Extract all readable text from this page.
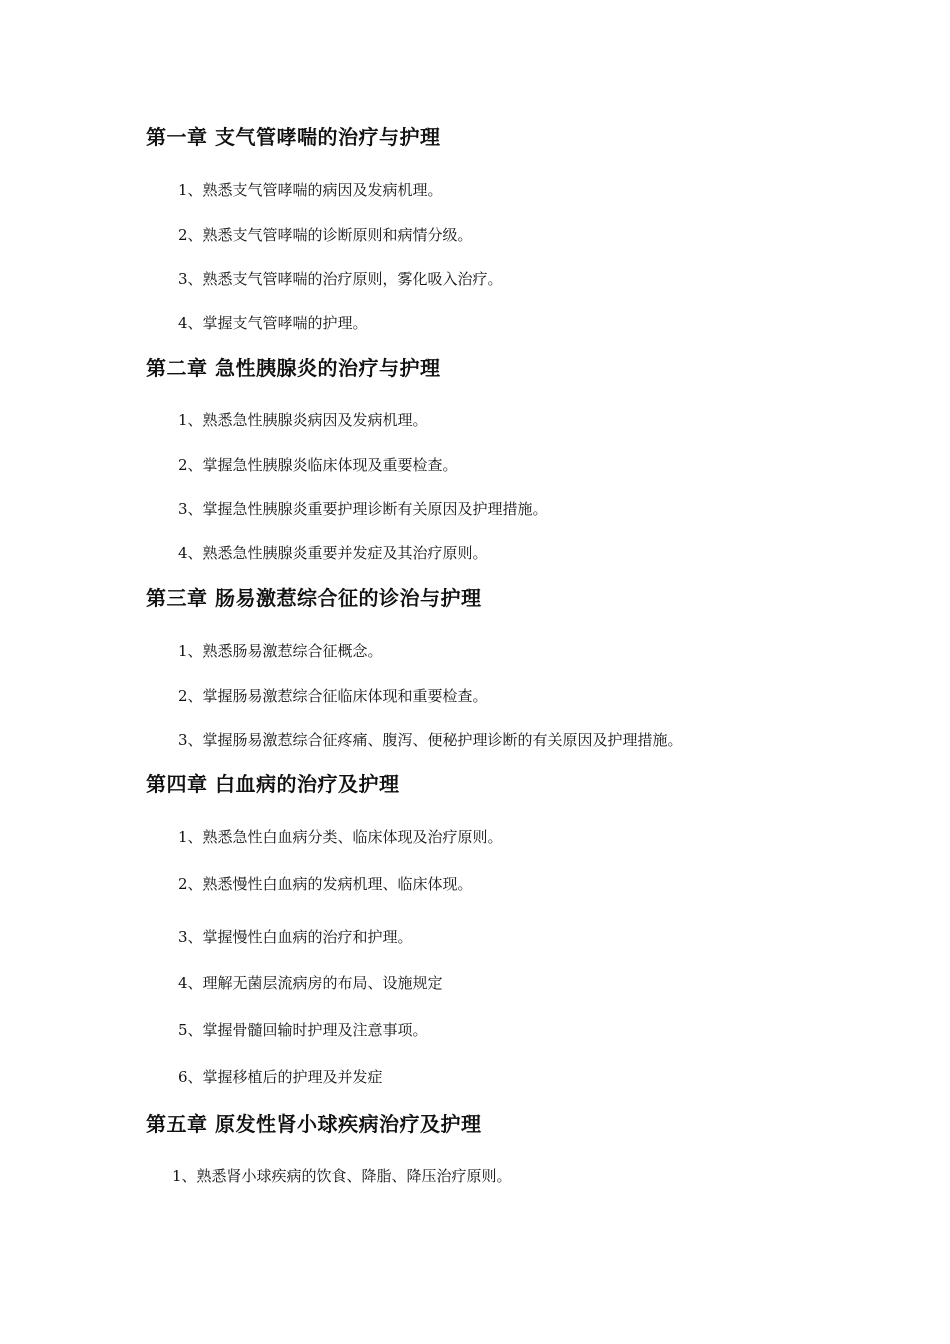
第一章 支气管哮喘的治疗与护理

1、熟悉支气管哮喘的病因及发病机理。

2、熟悉支气管哮喘的诊断原则和病情分级。

3、熟悉支气管哮喘的治疗原则，雾化吸入治疗。

4、掌握支气管哮喘的护理。

第二章 急性胰腺炎的治疗与护理

1、熟悉急性胰腺炎病因及发病机理。

2、掌握急性胰腺炎临床体现及重要检查。

3、掌握急性胰腺炎重要护理诊断有关原因及护理措施。

4、熟悉急性胰腺炎重要并发症及其治疗原则。

第三章 肠易激惹综合征的诊治与护理

1、熟悉肠易激惹综合征概念。

2、掌握肠易激惹综合征临床体现和重要检查。

3、掌握肠易激惹综合征疼痛、腹泻、便秘护理诊断的有关原因及护理措施。

第四章 白血病的治疗及护理

1、熟悉急性白血病分类、临床体现及治疗原则。

2、熟悉慢性白血病的发病机理、临床体现。

3、掌握慢性白血病的治疗和护理。

4、理解无菌层流病房的布局、设施规定

5、掌握骨髓回输时护理及注意事项。

6、掌握移植后的护理及并发症

第五章 原发性肾小球疾病治疗及护理

1、熟悉肾小球疾病的饮食、降脂、降压治疗原则。
